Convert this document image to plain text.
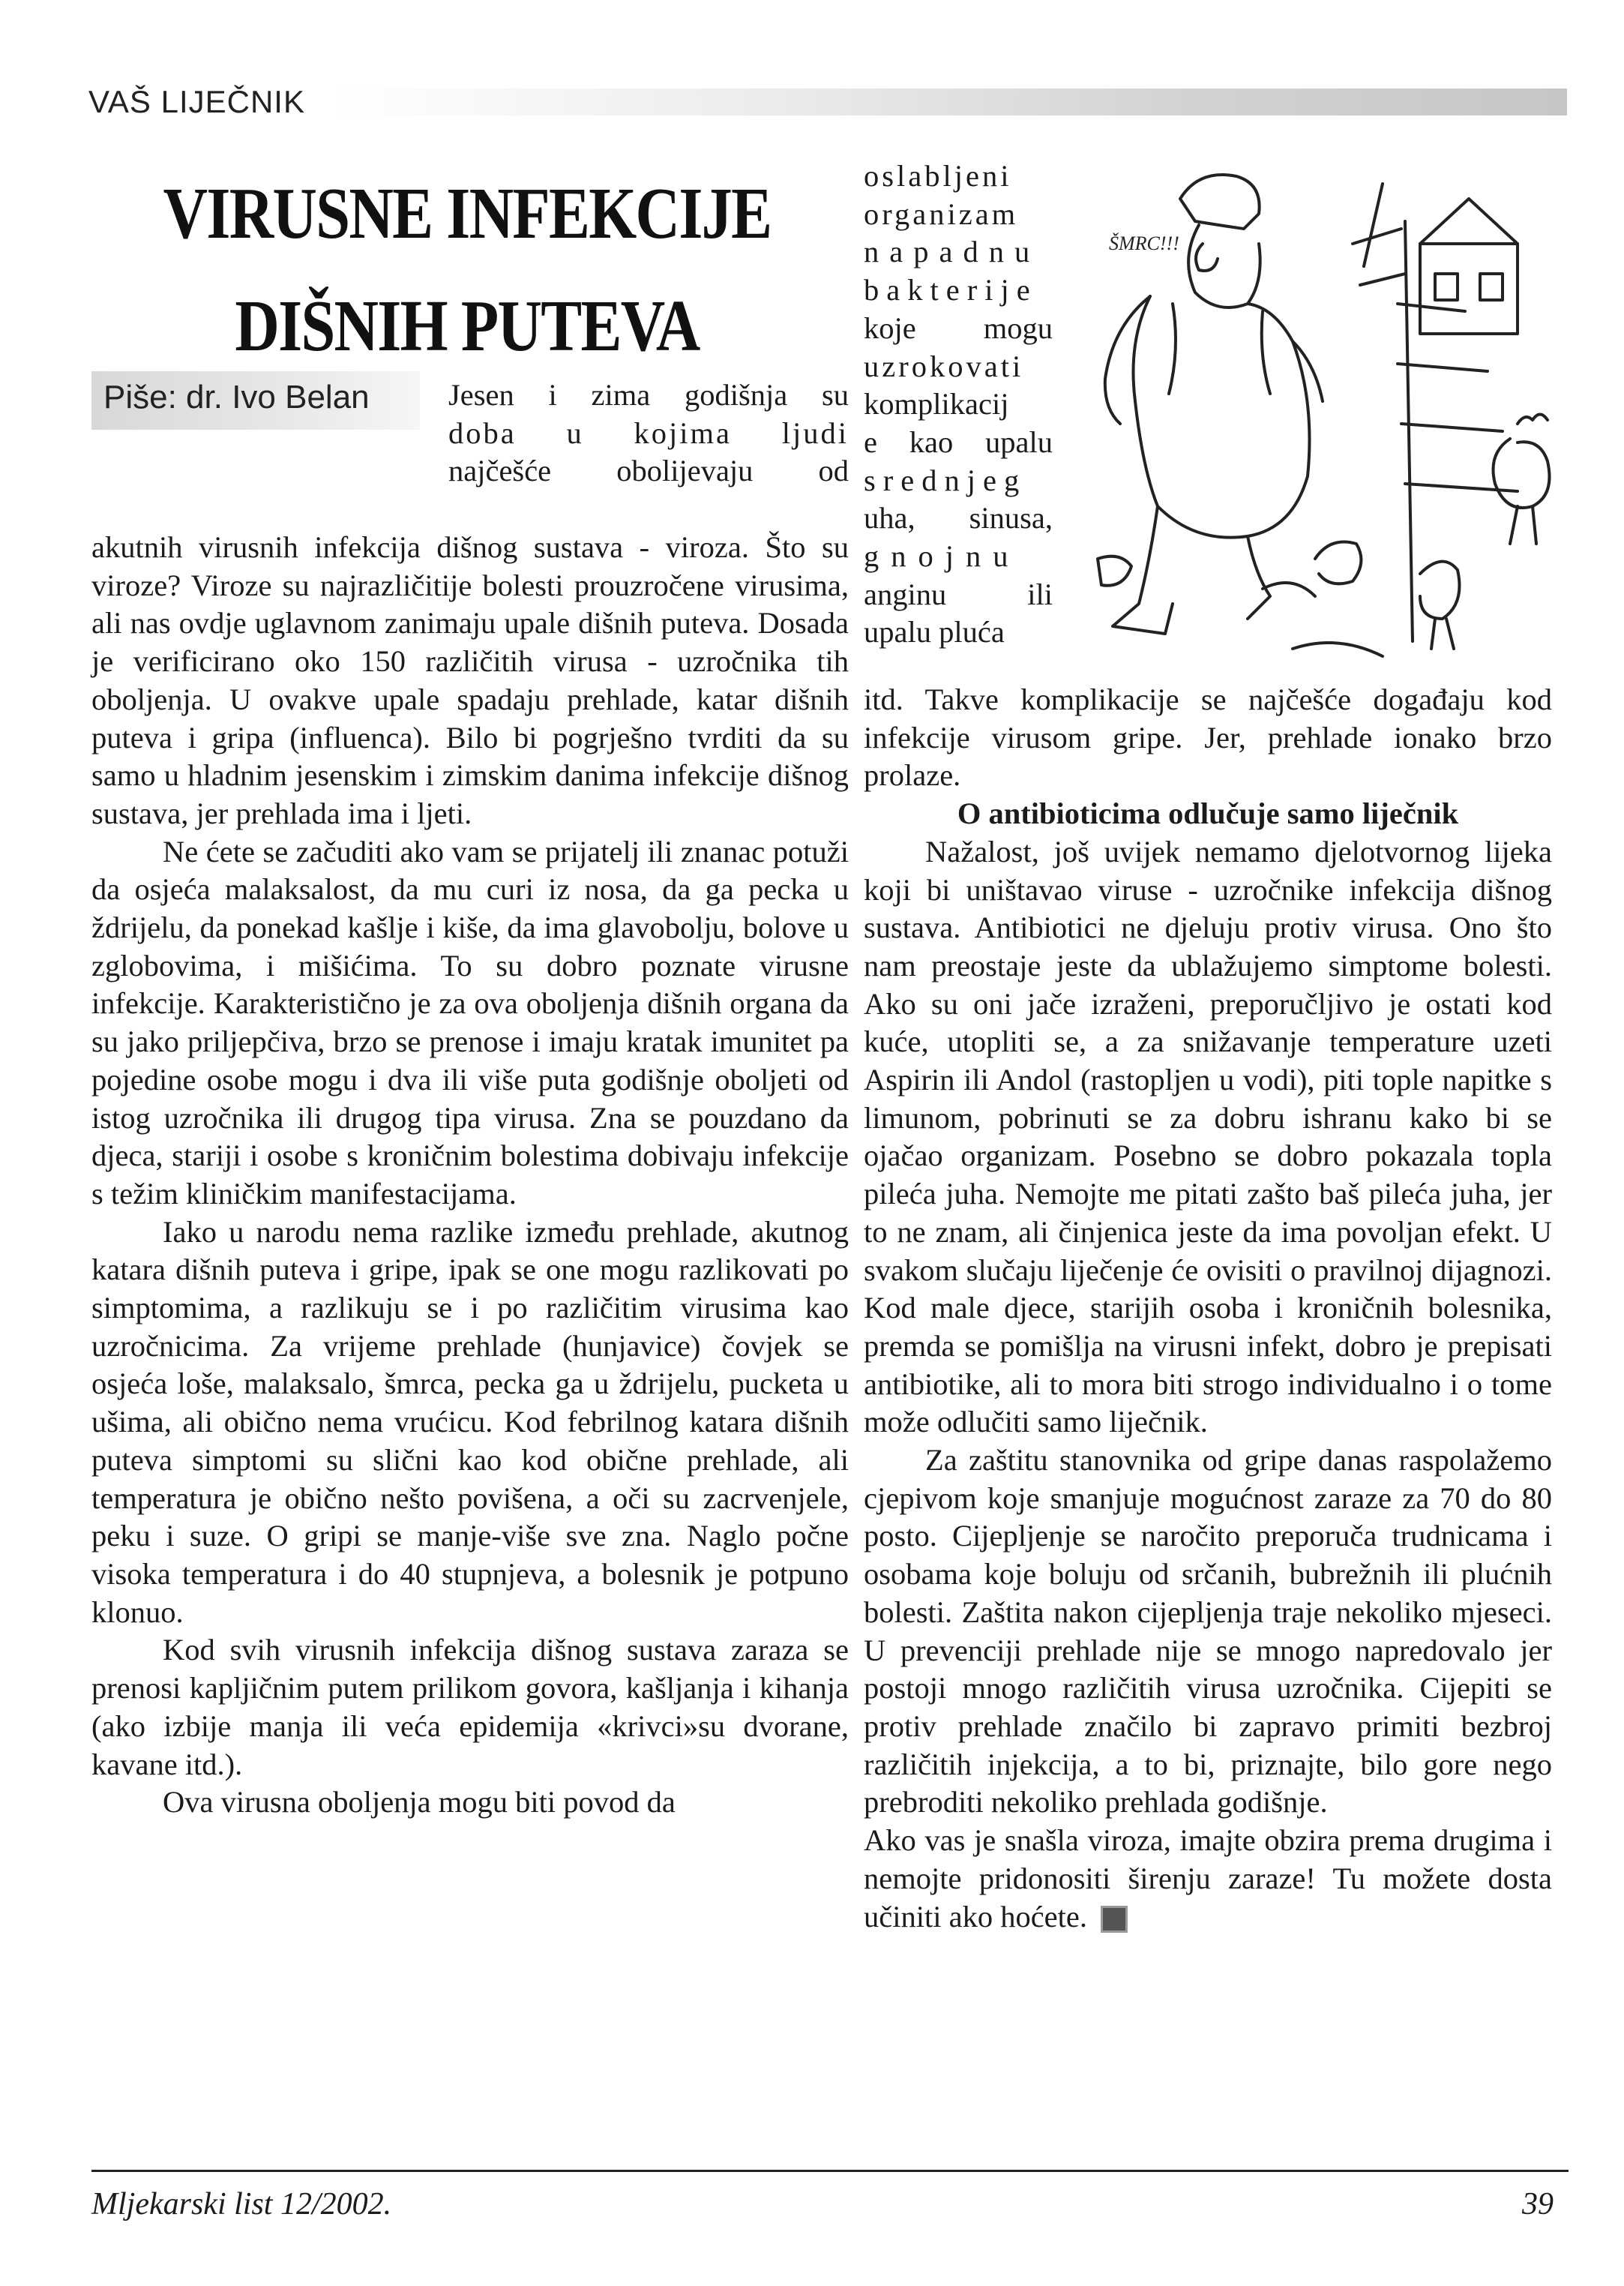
VAŠ LIJEČNIK
VIRUSNE INFEKCIJE
DIŠNIH PUTEVA
Piše: dr. Ivo Belan	Jesen i zima godišnja su

doba u kojima ljudi

najčešće obolijevaju od

akutnih virusnih infekcija dišnog sustava - viroza. Što su viroze? Viroze su najrazličitije bolesti prouzročene virusima, ali nas ovdje uglavnom zanimaju upale dišnih puteva. Dosada je verificirano oko 150 različitih virusa - uzročnika tih oboljenja. U ovakve upale spadaju prehlade, katar dišnih puteva i gripa (influenca). Bilo bi pogrješno tvrditi da su samo u hladnim jesenskim i zimskim danima infekcije dišnog sustava, jer prehlada ima i ljeti.

Ne ćete se začuditi ako vam se prijatelj ili znanac potuži da osjeća malaksalost, da mu curi iz nosa, da ga pecka u ždrijelu, da ponekad kašlje i kiše, da ima glavobolju, bolove u zglobovima, i mišićima. To su dobro poznate virusne infekcije. Karakteristično je za ova oboljenja dišnih organa da su jako priljepčiva, brzo se prenose i imaju kratak imunitet pa pojedine osobe mogu i dva ili više puta godišnje oboljeti od istog uzročnika ili drugog tipa virusa. Zna se pouzdano da djeca, stariji i osobe s kroničnim bolestima dobivaju infekcije s težim kliničkim manifestacijama.

Iako u narodu nema razlike između prehlade, akutnog katara dišnih puteva i gripe, ipak se one mogu razlikovati po simptomima, a razlikuju se i po različitim virusima kao uzročnicima. Za vrijeme prehlade (hunjavice) čovjek se osjeća loše, malaksalo, šmrca, pecka ga u ždrijelu, pucketa u ušima, ali obično nema vrućicu. Kod febrilnog katara dišnih puteva simptomi su slični kao kod obične prehlade, ali temperatura je obično nešto povišena, a oči su zacrvenjele, peku i suze. O gripi se manje-više sve zna. Naglo počne visoka temperatura i do 40 stupnjeva, a bolesnik je potpuno klonuo.

Kod svih virusnih infekcija dišnog sustava zaraza se prenosi kapljičnim putem prilikom govora, kašljanja i kihanja (ako izbije manja ili veća epidemija «krivci»su dvorane, kavane itd.).

Ova virusna oboljenja mogu biti povod da

oslabljeni

organizam

napadnu

bakterije

koje mogu

uzrokovati

komplikacij

e kao upalu

srednjeg

uha, sinusa,

gnojnu

anginu ili

upalu pluća

ŠMRC!!!

itd. Takve komplikacije se najčešće događaju kod infekcije virusom gripe. Jer, prehlade ionako brzo prolaze.

O antibioticima odlučuje samo liječnik

Nažalost, još uvijek nemamo djelotvornog lijeka koji bi uništavao viruse - uzročnike infekcija dišnog sustava. Antibiotici ne djeluju protiv virusa. Ono što nam preostaje jeste da ublažujemo simptome bolesti. Ako su oni jače izraženi, preporučljivo je ostati kod kuće, utopliti se, a za snižavanje temperature uzeti Aspirin ili Andol (rastopljen u vodi), piti tople napitke s limunom, pobrinuti se za dobru ishranu kako bi se ojačao organizam. Posebno se dobro pokazala topla pileća juha. Nemojte me pitati zašto baš pileća juha, jer to ne znam, ali činjenica jeste da ima povoljan efekt. U svakom slučaju liječenje će ovisiti o pravilnoj dijagnozi. Kod male djece, starijih osoba i kroničnih bolesnika, premda se pomišlja na virusni infekt, dobro je prepisati antibiotike, ali to mora biti strogo individualno i o tome može odlučiti samo liječnik.

Za zaštitu stanovnika od gripe danas raspolažemo cjepivom koje smanjuje mogućnost zaraze za 70 do 80 posto. Cijepljenje se naročito preporuča trudnicama i osobama koje boluju od srčanih, bubrežnih ili plućnih bolesti. Zaštita nakon cijepljenja traje nekoliko mjeseci. U prevenciji prehlade nije se mnogo napredovalo jer postoji mnogo različitih virusa uzročnika. Cijepiti se protiv prehlade značilo bi zapravo primiti bezbroj različitih injekcija, a to bi, priznajte, bilo gore nego prebroditi nekoliko prehlada godišnje.

Ako vas je snašla viroza, imajte obzira prema drugima i nemojte pridonositi širenju zaraze! Tu možete dosta učiniti ako hoćete.

Mljekarski list 12/2002.	39
